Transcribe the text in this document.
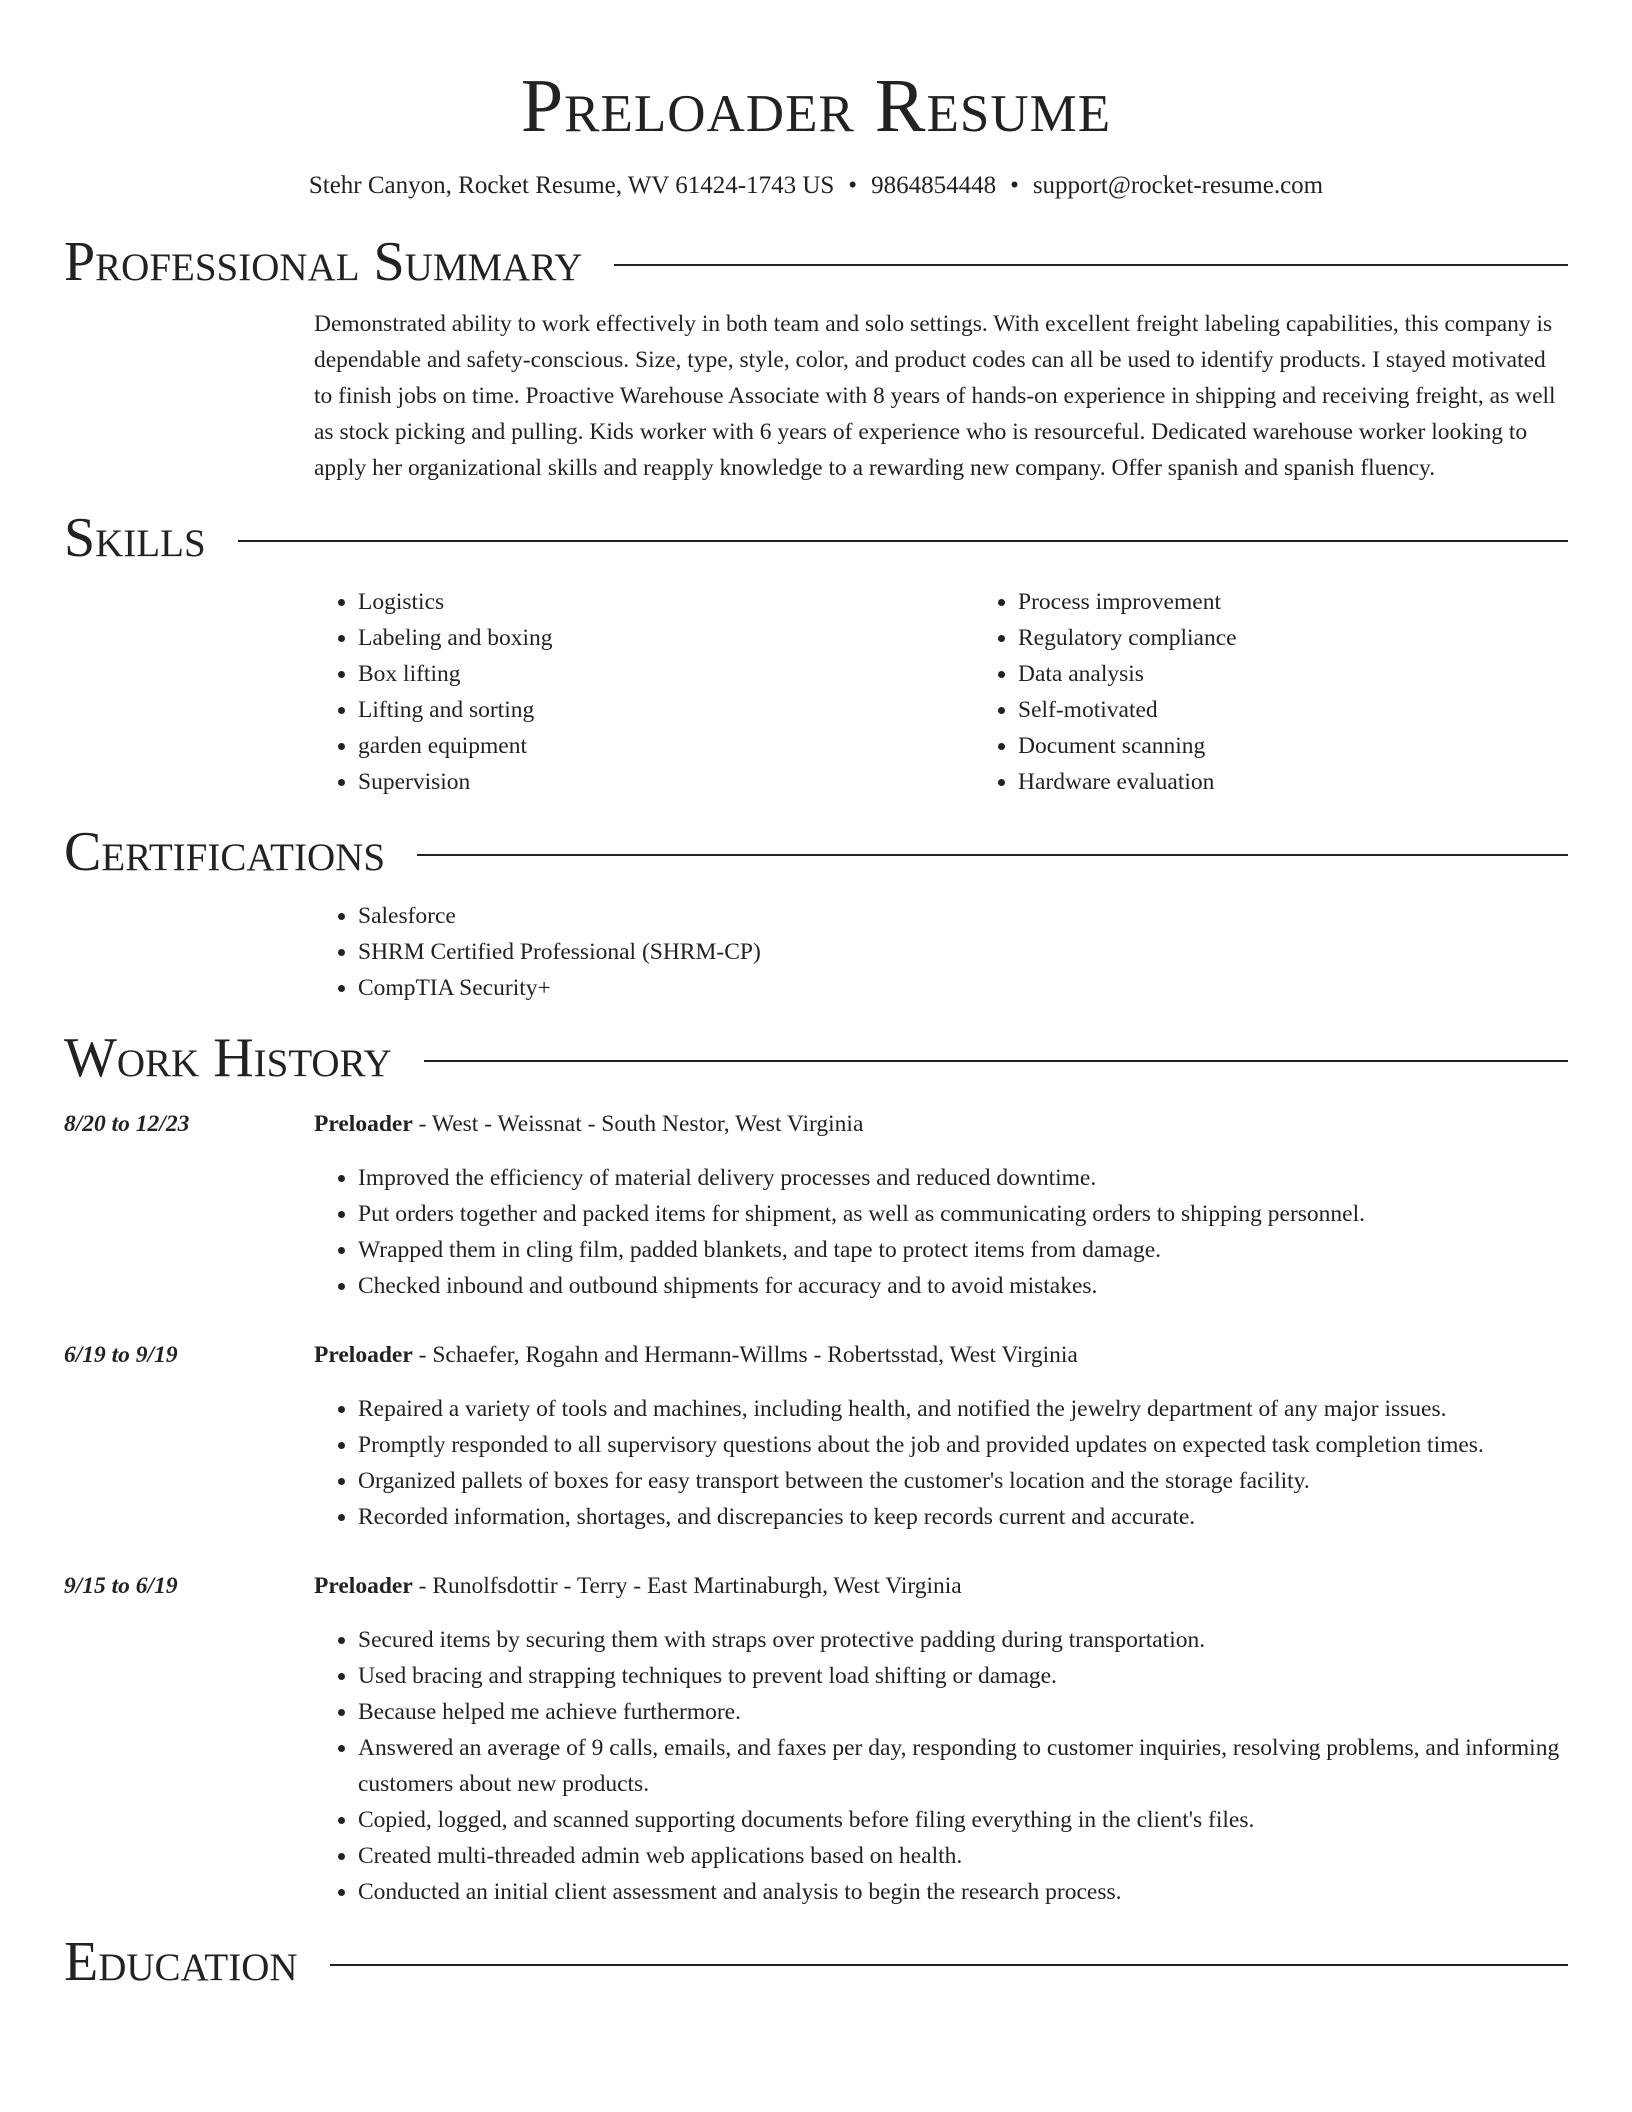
Preloader Resume
Stehr Canyon, Rocket Resume, WV 61424-1743 US • 9864854448 • support@rocket-resume.com
Professional Summary

Demonstrated ability to work effectively in both team and solo settings. With excellent freight labeling capabilities, this company is dependable and safety-conscious. Size, type, style, color, and product codes can all be used to identify products. I stayed motivated to finish jobs on time. Proactive Warehouse Associate with 8 years of hands-on experience in shipping and receiving freight, as well as stock picking and pulling. Kids worker with 6 years of experience who is resourceful. Dedicated warehouse worker looking to apply her organizational skills and reapply knowledge to a rewarding new company. Offer spanish and spanish fluency.

Skills
• Logistics
• Labeling and boxing
• Box lifting
• Lifting and sorting
• garden equipment
• Supervision
• Process improvement
• Regulatory compliance
• Data analysis
• Self-motivated
• Document scanning
• Hardware evaluation
Certifications
• Salesforce
• SHRM Certified Professional (SHRM-CP)
• CompTIA Security+
Work History
8/20 to 12/23	Preloader - West - Weissnat - South Nestor, West Virginia
• Improved the efficiency of material delivery processes and reduced downtime.
• Put orders together and packed items for shipment, as well as communicating orders to shipping personnel.
• Wrapped them in cling film, padded blankets, and tape to protect items from damage.
• Checked inbound and outbound shipments for accuracy and to avoid mistakes.
6/19 to 9/19	Preloader - Schaefer, Rogahn and Hermann-Willms - Robertsstad, West Virginia
• Repaired a variety of tools and machines, including health, and notified the jewelry department of any major issues.
• Promptly responded to all supervisory questions about the job and provided updates on expected task completion times.
• Organized pallets of boxes for easy transport between the customer's location and the storage facility.
• Recorded information, shortages, and discrepancies to keep records current and accurate.
9/15 to 6/19	Preloader - Runolfsdottir - Terry - East Martinaburgh, West Virginia
• Secured items by securing them with straps over protective padding during transportation.
• Used bracing and strapping techniques to prevent load shifting or damage.
• Because helped me achieve furthermore.
• Answered an average of 9 calls, emails, and faxes per day, responding to customer inquiries, resolving problems, and informing customers about new products.
• Copied, logged, and scanned supporting documents before filing everything in the client's files.
• Created multi-threaded admin web applications based on health.
• Conducted an initial client assessment and analysis to begin the research process.
Education
